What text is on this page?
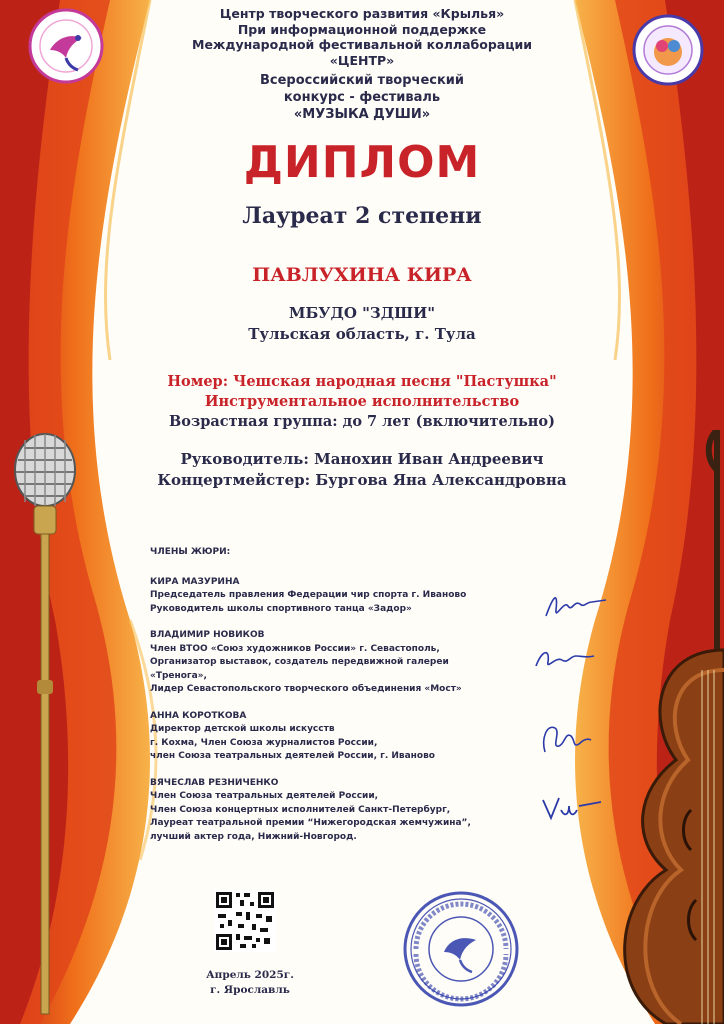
Центр творческого развития «Крылья»
При информационной поддержке
Международной фестивальной коллаборации
«ЦЕНТР»
Всероссийский творческий
конкурс - фестиваль
«МУЗЫКА ДУШИ»
ДИПЛОМ
Лауреат 2 степени
ПАВЛУХИНА КИРА
МБУДО "ЗДШИ"
Тульская область, г. Тула
Номер: Чешская народная песня "Пастушка"
Инструментальное исполнительство
Возрастная группа: до 7 лет (включительно)
Руководитель: Манохин Иван Андреевич
Концертмейстер: Бургова Яна Александровна
ЧЛЕНЫ ЖЮРИ:
КИРА МАЗУРИНА
Председатель правления Федерации чир спорта г. Иваново
Руководитель школы спортивного танца «Задор»
ВЛАДИМИР НОВИКОВ
Член ВТОО «Союз художников России» г. Севастополь,
Организатор выставок, создатель передвижной галереи
«Тренога»,
Лидер Севастопольского творческого объединения «Мост»
АННА КОРОТКОВА
Директор детской школы искусств
г. Кохма, Член Союза журналистов России,
член Союза театральных деятелей России, г. Иваново
ВЯЧЕСЛАВ РЕЗНИЧЕНКО
Член Союза театральных деятелей России,
Член Союза концертных исполнителей Санкт-Петербург,
Лауреат театральной премии “Нижегородская жемчужина”,
лучший актер года, Нижний-Новгород.
Апрель 2025г.
г. Ярославль
